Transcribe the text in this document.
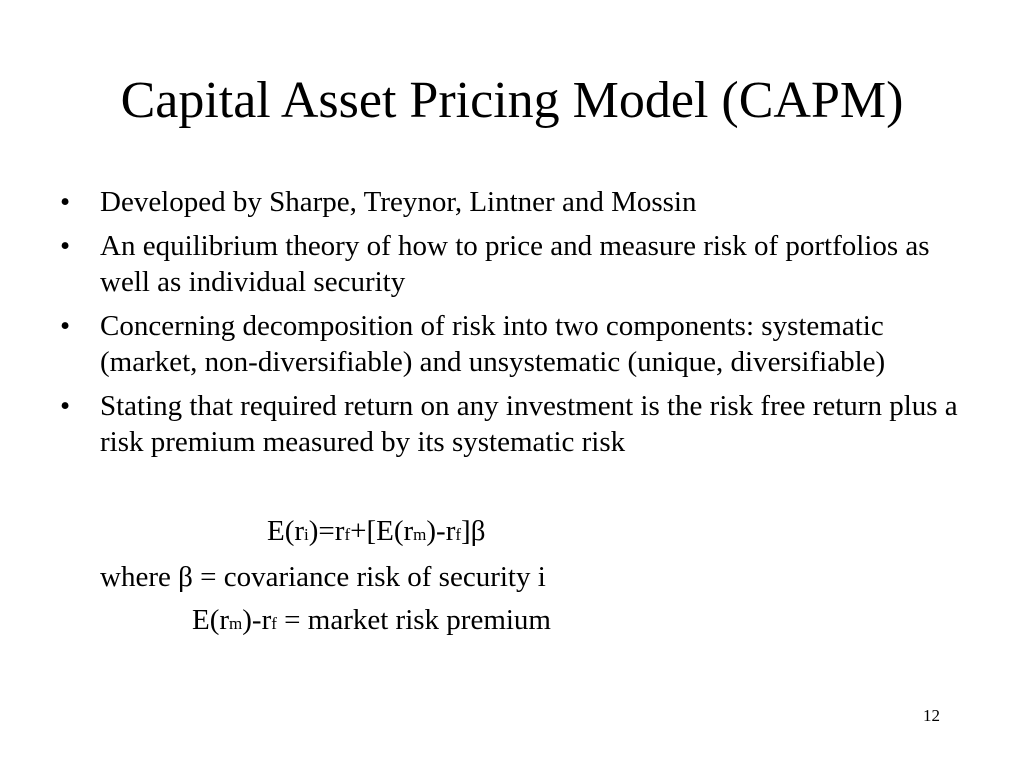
Capital Asset Pricing Model (CAPM)
• Developed by Sharpe, Treynor, Lintner and Mossin
• An equilibrium theory of how to price and measure risk of portfolios as well as individual security
• Concerning decomposition of risk into two components: systematic (market, non-diversifiable) and unsystematic (unique, diversifiable)
• Stating that required return on any investment is the risk free return plus a risk premium measured by its systematic risk
E(ri)=rf+[E(rm)-rf]β
where β = covariance risk of security i
E(rm)-rf = market risk premium
12
